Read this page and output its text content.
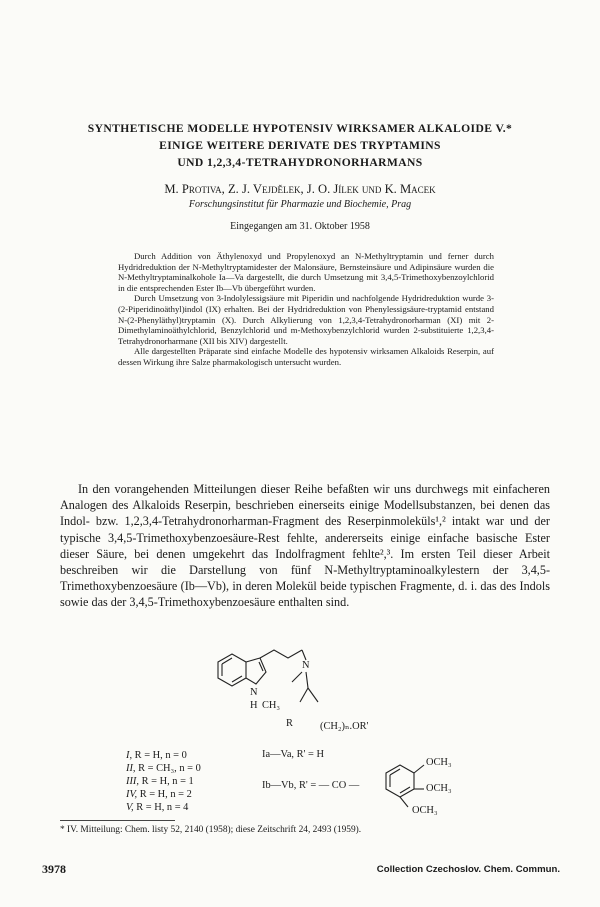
SYNTHETISCHE MODELLE HYPOTENSIV WIRKSAMER ALKALOIDE V.*
EINIGE WEITERE DERIVATE DES TRYPTAMINS
UND 1,2,3,4-TETRAHYDRONORHARMANS
M. Protiva, Z. J. Vejdělek, J. O. Jílek und K. Macek
Forschungsinstitut für Pharmazie und Biochemie, Prag
Eingegangen am 31. Oktober 1958

Durch Addition von Äthylenoxyd und Propylenoxyd an N-Methyltryptamin und ferner durch Hydridreduktion der N-Methyltryptamidester der Malonsäure, Bernsteinsäure und Adipinsäure wurden die N-Methyltryptaminalkohole Ia—Va dargestellt, die durch Umsetzung mit 3,4,5-Trimethoxybenzoylchlorid in die entsprechenden Ester Ib—Vb übergeführt wurden.

Durch Umsetzung von 3-Indolylessigsäure mit Piperidin und nachfolgende Hydridreduktion wurde 3-(2-Piperidinoäthyl)indol (IX) erhalten. Bei der Hydridreduktion von Phenylessigsäure-tryptamid entstand N-(2-Phenyläthyl)tryptamin (X). Durch Alkylierung von 1,2,3,4-Tetrahydronorharman (XI) mit 2-Dimethylaminoäthylchlorid, Benzylchlorid und m-Methoxybenzylchlorid wurden 2-substituierte 1,2,3,4-Tetrahydronorharmane (XII bis XIV) dargestellt.

Alle dargestellten Präparate sind einfache Modelle des hypotensiv wirksamen Alkaloids Reserpin, auf dessen Wirkung ihre Salze pharmakologisch untersucht wurden.

In den vorangehenden Mitteilungen dieser Reihe befaßten wir uns durchwegs mit einfacheren Analogen des Alkaloids Reserpin, beschrieben einerseits einige Modellsubstanzen, bei denen das Indol- bzw. 1,2,3,4-Tetrahydronorharman-Fragment des Reserpinmoleküls¹,² intakt war und der typische 3,4,5-Trimethoxybenzoesäure-Rest fehlte, andererseits einige einfache basische Ester dieser Säure, bei denen umgekehrt das Indolfragment fehlte²,³. Im ersten Teil dieser Arbeit beschreiben wir die Darstellung von fünf N-Methyltryptaminoalkylestern der 3,4,5-Trimethoxybenzoesäure (Ib—Vb), in deren Molekül beide typischen Fragmente, d. i. das des Indols sowie das der 3,4,5-Trimethoxybenzoesäure enthalten sind.

N
H CH₃
N
R	(CH₂)ₙ.OR'
I, R = H, n = 0
II, R = CH₃, n = 0
III, R = H, n = 1
IV, R = H, n = 2
V, R = H, n = 4
Ia—Va, R' = H
Ib—Vb, R' = — CO —
OCH₃
OCH₃
OCH₃
* IV. Mitteilung: Chem. listy 52, 2140 (1958); diese Zeitschrift 24, 2493 (1959).
3978	Collection Czechoslov. Chem. Commun.
